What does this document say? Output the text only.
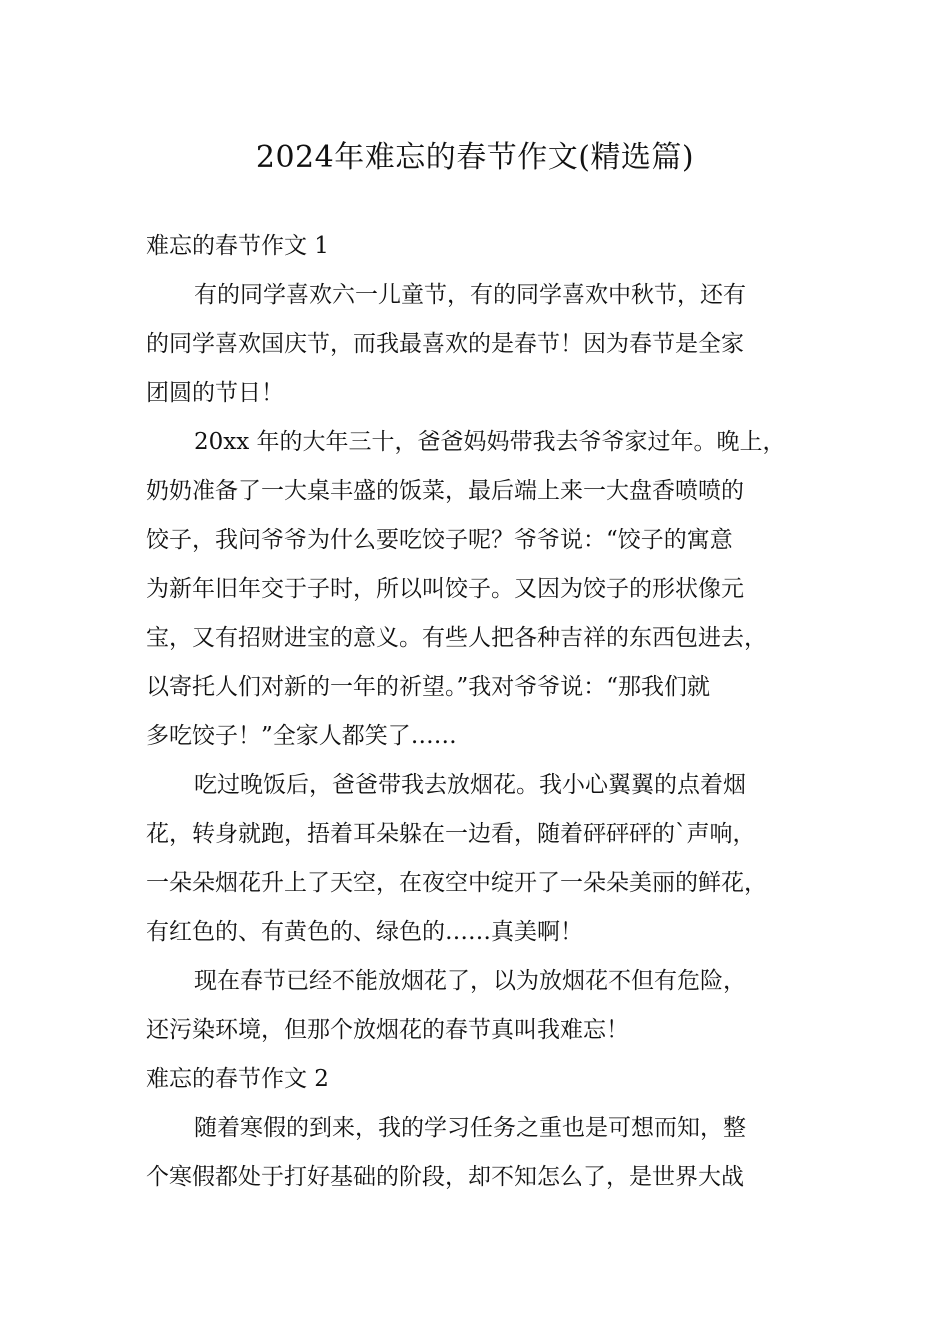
2024年难忘的春节作文(精选篇)
难忘的春节作文 1

有的同学喜欢六一儿童节，有的同学喜欢中秋节，还有
的同学喜欢国庆节，而我最喜欢的是春节！因为春节是全家
团圆的节日！

20xx 年的大年三十，爸爸妈妈带我去爷爷家过年。晚上，
奶奶准备了一大桌丰盛的饭菜，最后端上来一大盘香喷喷的
饺子，我问爷爷为什么要吃饺子呢？爷爷说：“饺子的寓意
为新年旧年交于子时，所以叫饺子。又因为饺子的形状像元
宝，又有招财进宝的意义。有些人把各种吉祥的东西包进去，
以寄托人们对新的一年的祈望。”我对爷爷说：“那我们就
多吃饺子！”全家人都笑了……

吃过晚饭后，爸爸带我去放烟花。我小心翼翼的点着烟
花，转身就跑，捂着耳朵躲在一边看，随着砰砰砰的`声响，
一朵朵烟花升上了天空，在夜空中绽开了一朵朵美丽的鲜花，
有红色的、有黄色的、绿色的……真美啊！

现在春节已经不能放烟花了，以为放烟花不但有危险，
还污染环境，但那个放烟花的春节真叫我难忘！

难忘的春节作文 2

随着寒假的到来，我的学习任务之重也是可想而知，整
个寒假都处于打好基础的阶段，却不知怎么了，是世界大战
